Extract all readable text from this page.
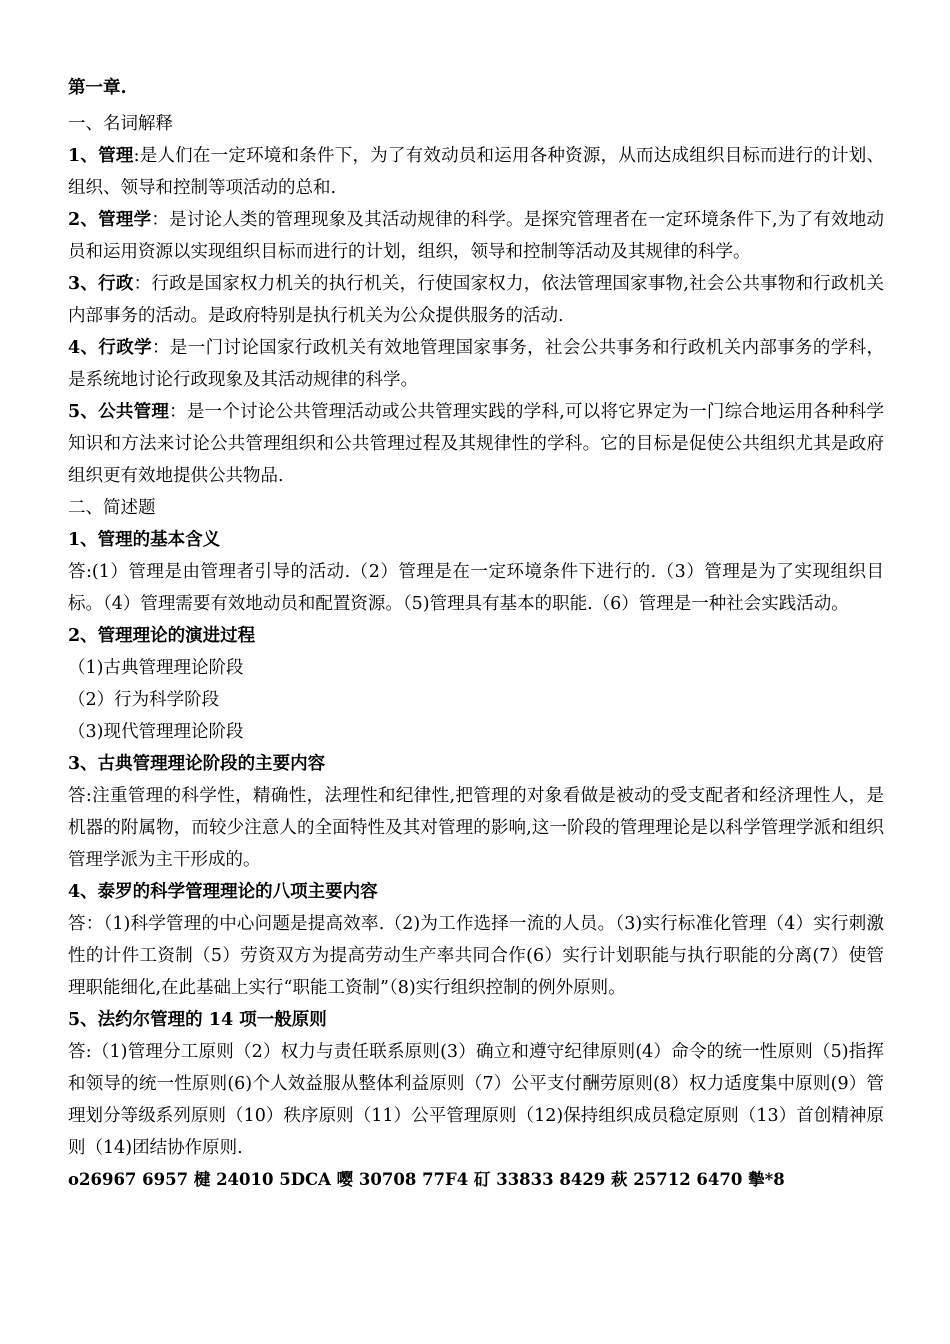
第一章.

一、名词解释

1、管理:是人们在一定环境和条件下，为了有效动员和运用各种资源，从而达成组织目标而进行的计划、组织、领导和控制等项活动的总和.

2、管理学：是讨论人类的管理现象及其活动规律的科学。是探究管理者在一定环境条件下,为了有效地动员和运用资源以实现组织目标而进行的计划，组织，领导和控制等活动及其规律的科学。

3、行政：行政是国家权力机关的执行机关，行使国家权力，依法管理国家事物,社会公共事物和行政机关内部事务的活动。是政府特别是执行机关为公众提供服务的活动.

4、行政学：是一门讨论国家行政机关有效地管理国家事务，社会公共事务和行政机关内部事务的学科，是系统地讨论行政现象及其活动规律的科学。

5、公共管理：是一个讨论公共管理活动或公共管理实践的学科,可以将它界定为一门综合地运用各种科学知识和方法来讨论公共管理组织和公共管理过程及其规律性的学科。它的目标是促使公共组织尤其是政府组织更有效地提供公共物品.

二、简述题

1、管理的基本含义

答:(1）管理是由管理者引导的活动.（2）管理是在一定环境条件下进行的.（3）管理是为了实现组织目标。（4）管理需要有效地动员和配置资源。（5)管理具有基本的职能.（6）管理是一种社会实践活动。

2、管理理论的演进过程

（1)古典管理理论阶段

（2）行为科学阶段

（3)现代管理理论阶段

3、古典管理理论阶段的主要内容

答:注重管理的科学性，精确性，法理性和纪律性,把管理的对象看做是被动的受支配者和经济理性人，是机器的附属物，而较少注意人的全面特性及其对管理的影响,这一阶段的管理理论是以科学管理学派和组织管理学派为主干形成的。

4、泰罗的科学管理理论的八项主要内容

答：（1)科学管理的中心问题是提高效率.（2)为工作选择一流的人员。（3)实行标准化管理（4）实行刺激性的计件工资制（5）劳资双方为提高劳动生产率共同合作(6）实行计划职能与执行职能的分离(7）使管理职能细化,在此基础上实行“职能工资制”（8)实行组织控制的例外原则。

5、法约尔管理的 14 项一般原则

答:（1)管理分工原则（2）权力与责任联系原则(3）确立和遵守纪律原则(4）命令的统一性原则（5)指挥和领导的统一性原则(6)个人效益服从整体利益原则（7）公平支付酬劳原则(8）权力适度集中原则(9）管理划分等级系列原则（10）秩序原则（11）公平管理原则（12)保持组织成员稳定原则（13）首创精神原则（14)团结协作原则.

o26967 6957 楗 24010 5DCA 嘤 30708 77F4 矴 33833 8429 萩 25712 6470 摰*8
